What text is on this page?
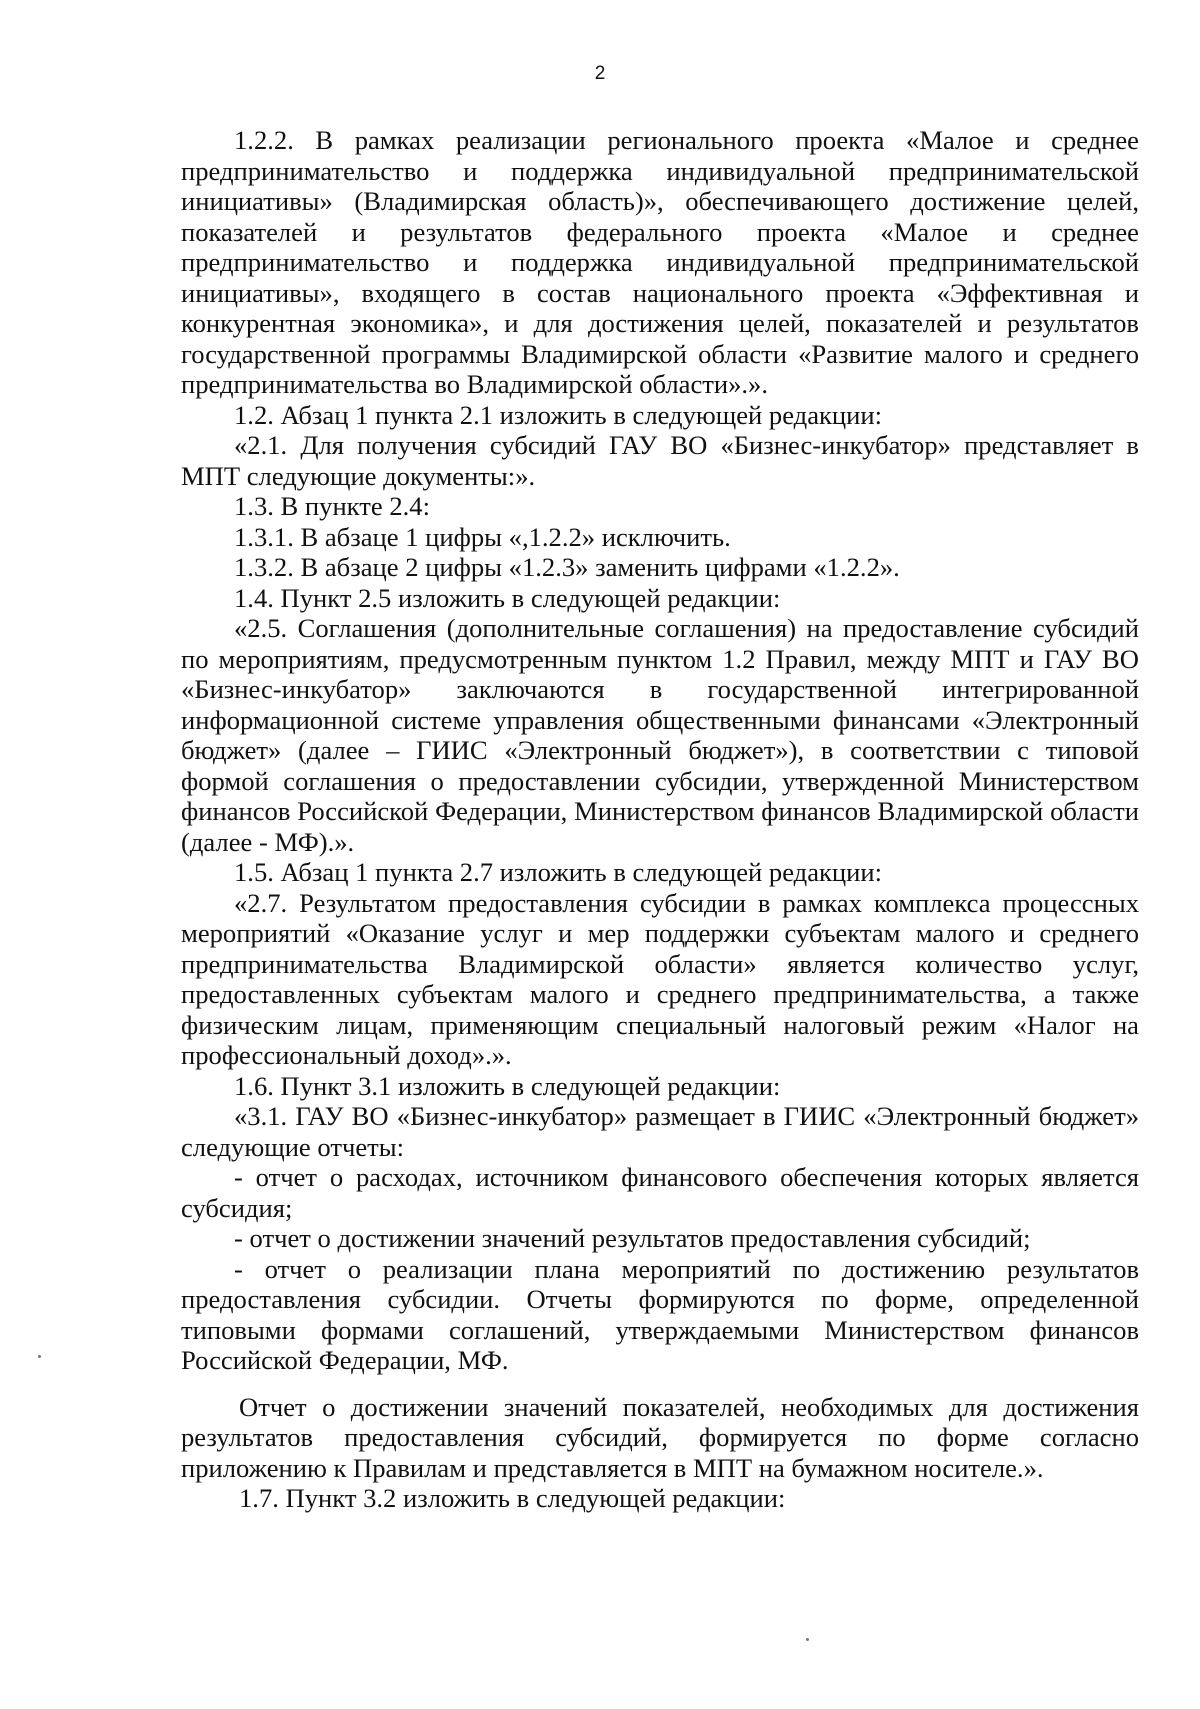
2

1.2.2. В рамках реализации регионального проекта «Малое и среднее предпринимательство и поддержка индивидуальной предпринимательской инициативы» (Владимирская область)», обеспечивающего достижение целей, показателей и результатов федерального проекта «Малое и среднее предпринимательство и поддержка индивидуальной предпринимательской инициативы», входящего в состав национального проекта «Эффективная и конкурентная экономика», и для достижения целей, показателей и результатов государственной программы Владимирской области «Развитие малого и среднего предпринимательства во Владимирской области».».

1.2. Абзац 1 пункта 2.1 изложить в следующей редакции:

«2.1. Для получения субсидий ГАУ ВО «Бизнес-инкубатор» представляет в МПТ следующие документы:».

1.3. В пункте 2.4:

1.3.1. В абзаце 1 цифры «,1.2.2» исключить.

1.3.2. В абзаце 2 цифры «1.2.3» заменить цифрами «1.2.2».

1.4. Пункт 2.5 изложить в следующей редакции:

«2.5. Соглашения (дополнительные соглашения) на предоставление субсидий по мероприятиям, предусмотренным пунктом 1.2 Правил, между МПТ и ГАУ ВО «Бизнес-инкубатор» заключаются в государственной интегрированной информационной системе управления общественными финансами «Электронный бюджет» (далее – ГИИС «Электронный бюджет»), в соответствии с типовой формой соглашения о предоставлении субсидии, утвержденной Министерством финансов Российской Федерации, Министерством финансов Владимирской области (далее - МФ).».

1.5. Абзац 1 пункта 2.7 изложить в следующей редакции:

«2.7. Результатом предоставления субсидии в рамках комплекса процессных мероприятий «Оказание услуг и мер поддержки субъектам малого и среднего предпринимательства Владимирской области» является количество услуг, предоставленных субъектам малого и среднего предпринимательства, а также физическим лицам, применяющим специальный налоговый режим «Налог на профессиональный доход».».

1.6. Пункт 3.1 изложить в следующей редакции:

«3.1. ГАУ ВО «Бизнес-инкубатор» размещает в ГИИС «Электронный бюджет» следующие отчеты:

- отчет о расходах, источником финансового обеспечения которых является субсидия;

- отчет о достижении значений результатов предоставления субсидий;

- отчет о реализации плана мероприятий по достижению результатов предоставления субсидии. Отчеты формируются по форме, определенной типовыми формами соглашений, утверждаемыми Министерством финансов Российской Федерации, МФ.

Отчет о достижении значений показателей, необходимых для достижения результатов предоставления субсидий, формируется по форме согласно приложению к Правилам и представляется в МПТ на бумажном носителе.».

1.7. Пункт 3.2 изложить в следующей редакции:
